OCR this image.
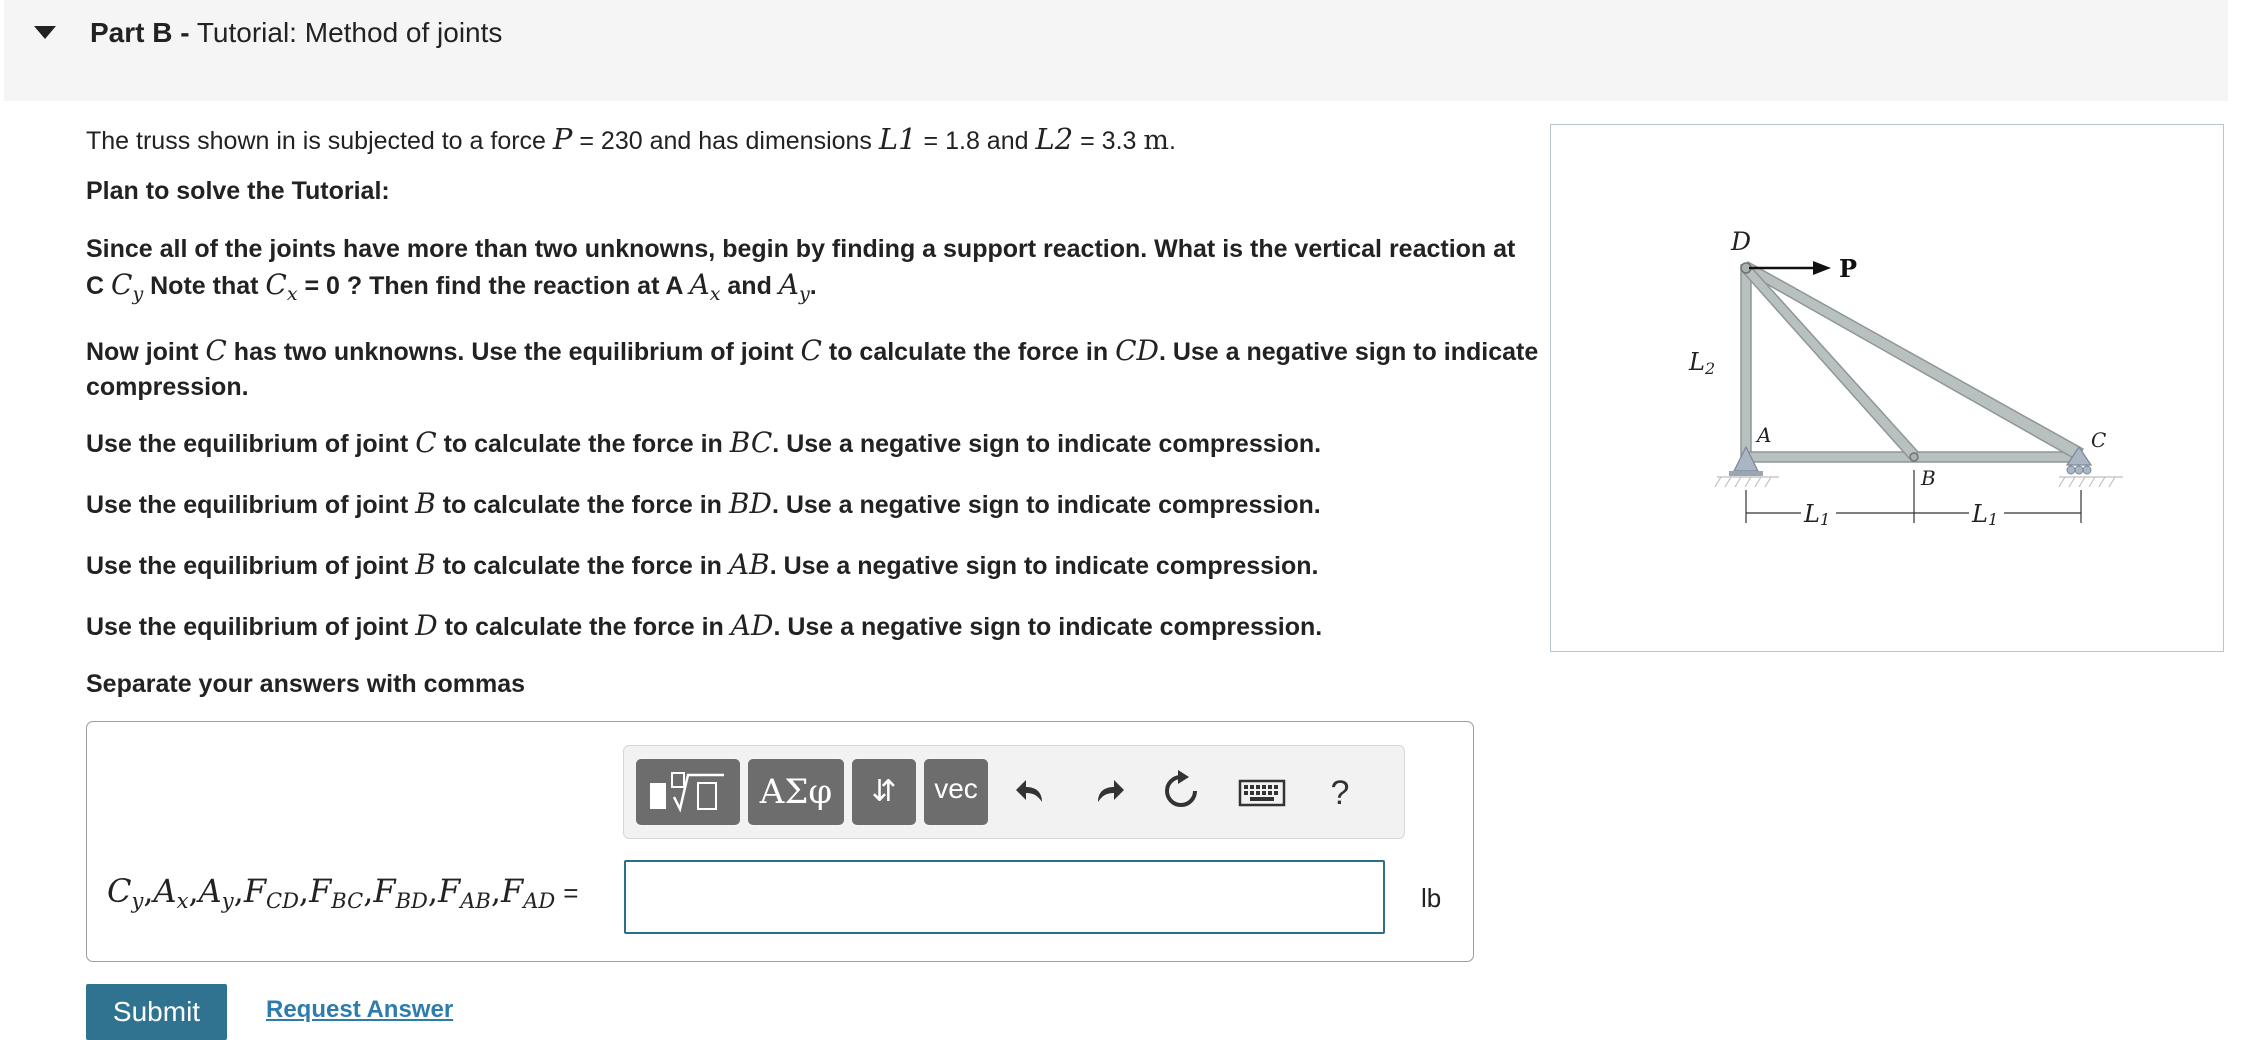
Part B - Tutorial: Method of joints
The truss shown in is subjected to a force P = 230 and has dimensions L1 = 1.8 and L2 = 3.3 m.
Plan to solve the Tutorial:
Since all of the joints have more than two unknowns, begin by finding a support reaction. What is the vertical reaction at C $C_y$ Note that $C_x = 0$ ? Then find the reaction at A $A_x$ and $A_y$.
Now joint C has two unknowns. Use the equilibrium of joint C to calculate the force in CD. Use a negative sign to indicate compression.
Use the equilibrium of joint C to calculate the force in BC. Use a negative sign to indicate compression.
Use the equilibrium of joint B to calculate the force in BD. Use a negative sign to indicate compression.
Use the equilibrium of joint B to calculate the force in AB. Use a negative sign to indicate compression.
Use the equilibrium of joint D to calculate the force in AD. Use a negative sign to indicate compression.
Separate your answers with commas
D
P
L2
A
B
C
L1	L1
ΑΣφ	⇵	vec	?
$C_y,A_x,A_y,F_{CD},F_{BC},F_{BD},F_{AB},F_{AD}$ =	lb
Submit	Request Answer
